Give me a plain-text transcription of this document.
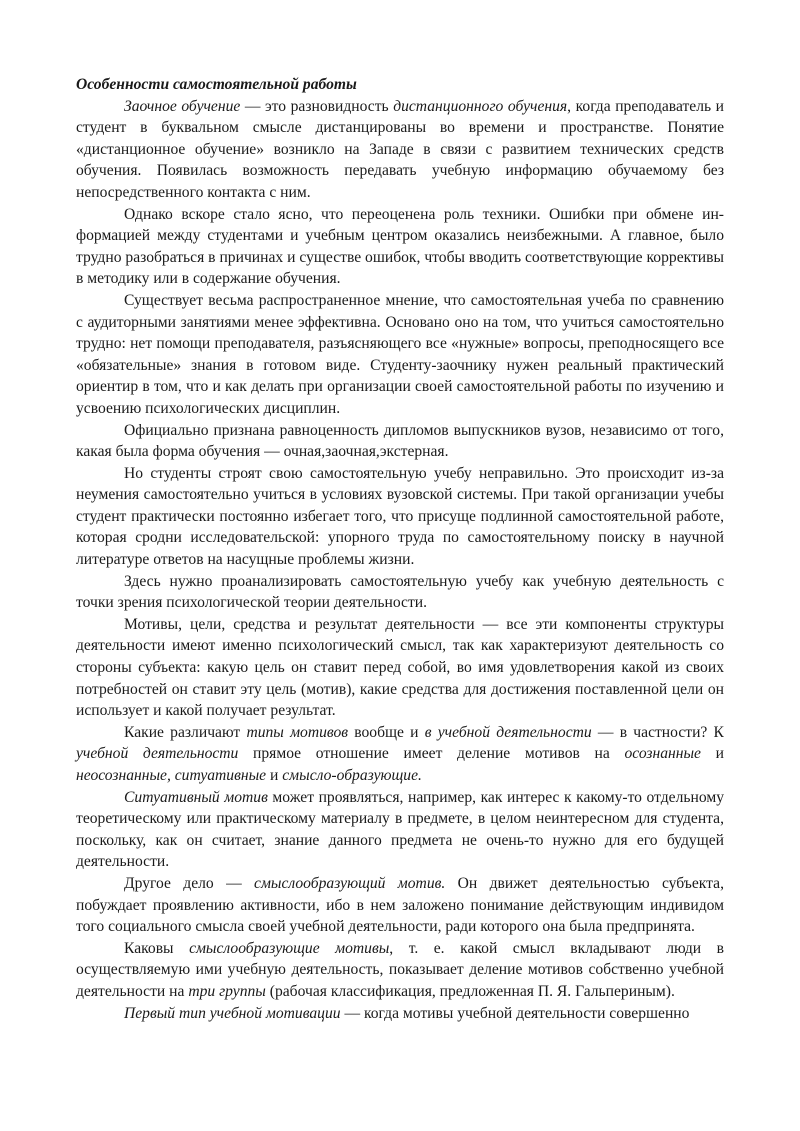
Особенности самостоятельной работы

Заочное обучение — это разновидность дистанционного обучения, когда преподаватель и студент в буквальном смысле дистанцированы во времени и пространстве. Понятие «дистанционное обучение» возникло на Западе в связи с развитием технических средств обучения. Появилась возможность передавать учебную информацию обучаемому без непосредственного контакта с ним.

Однако вскоре стало ясно, что переоценена роль техники. Ошибки при обмене информацией между студентами и учебным центром оказались неизбежными. А главное, было трудно разобраться в причинах и существе ошибок, чтобы вводить соответствующие коррективы в методику или в содержание обучения.

Существует весьма распространенное мнение, что самостоятельная учеба по сравнению с аудиторными занятиями менее эффективна. Основано оно на том, что учиться самостоятельно трудно: нет помощи преподавателя, разъясняющего все «нужные» вопросы, преподносящего все «обязательные» знания в готовом виде. Студенту-заочнику нужен реальный практический ориентир в том, что и как делать при организации своей самостоятельной работы по изучению и усвоению психологических дисциплин.

Официально признана равноценность дипломов выпускников вузов, независимо от того, какая была форма обучения — очная,заочная,экстерная.

Но студенты строят свою самостоятельную учебу неправильно. Это происходит из-за неумения самостоятельно учиться в условиях вузовской системы. При такой организации учебы студент практически постоянно избегает того, что присуще подлинной самостоятельной работе, которая сродни исследовательской: упорного труда по самостоятельному поиску в научной литературе ответов на насущные проблемы жизни.

Здесь нужно проанализировать самостоятельную учебу как учебную деятельность с точки зрения психологической теории деятельности.

Мотивы, цели, средства и результат деятельности — все эти компоненты структуры деятельности имеют именно психологический смысл, так как характеризуют деятельность со стороны субъекта: какую цель он ставит перед собой, во имя удовлетворения какой из своих потребностей он ставит эту цель (мотив), какие средства для достижения поставленной цели он использует и какой получает результат.

Какие различают типы мотивов вообще и в учебной деятельности — в частности? К учебной деятельности прямое отношение имеет деление мотивов на осознанные и неосознанные, ситуативные и смысло-образующие.

Ситуативный мотив может проявляться, например, как интерес к какому-то отдельному теоретическому или практическому материалу в предмете, в целом неинтересном для студента, поскольку, как он считает, знание данного предмета не очень-то нужно для его будущей деятельности.

Другое дело — смыслообразующий мотив. Он движет деятельностью субъекта, побуждает проявлению активности, ибо в нем заложено понимание действующим индивидом того социального смысла своей учебной деятельности, ради которого она была предпринята.

Каковы смыслообразующие мотивы, т. е. какой смысл вкладывают люди в осуществляемую ими учебную деятельность, показывает деление мотивов собственно учебной деятельности на три группы (рабочая классификация, предложенная П. Я. Гальпериным).

Первый тип учебной мотивации — когда мотивы учебной деятельности совершенно
